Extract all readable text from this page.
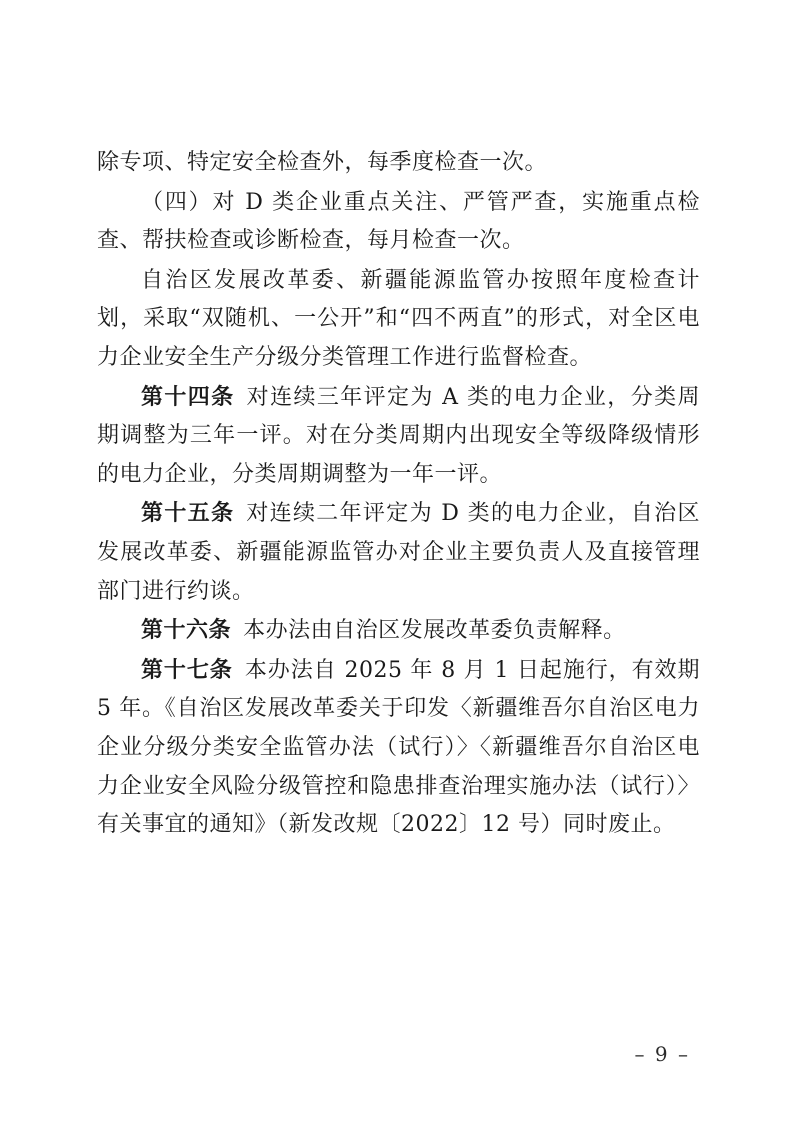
除专项、特定安全检查外，每季度检查一次。

（四）对 D 类企业重点关注、严管严查，实施重点检查、帮扶检查或诊断检查，每月检查一次。

自治区发展改革委、新疆能源监管办按照年度检查计划，采取“双随机、一公开”和“四不两直”的形式，对全区电力企业安全生产分级分类管理工作进行监督检查。

第十四条 对连续三年评定为 A 类的电力企业，分类周期调整为三年一评。对在分类周期内出现安全等级降级情形的电力企业，分类周期调整为一年一评。

第十五条 对连续二年评定为 D 类的电力企业，自治区发展改革委、新疆能源监管办对企业主要负责人及直接管理部门进行约谈。

第十六条 本办法由自治区发展改革委负责解释。

第十七条 本办法自 2025 年 8 月 1 日起施行，有效期 5 年。《自治区发展改革委关于印发〈新疆维吾尔自治区电力企业分级分类安全监管办法（试行）〉〈新疆维吾尔自治区电力企业安全风险分级管控和隐患排查治理实施办法（试行）〉有关事宜的通知》（新发改规〔2022〕12 号）同时废止。

– 9 –
